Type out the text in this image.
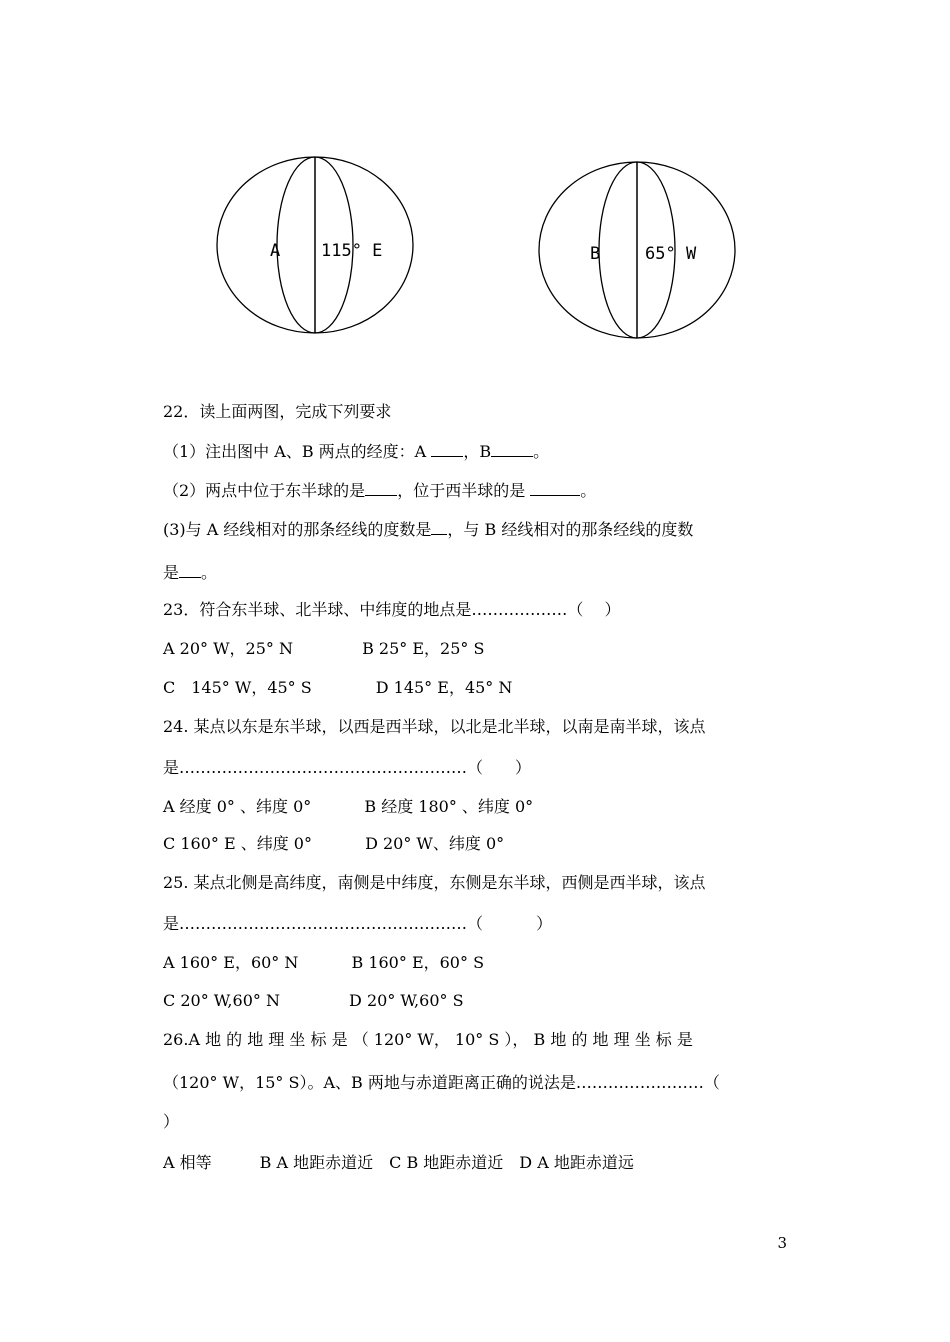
A 115° E	B	65° W
22．读上面两图，完成下列要求
（1）注出图中 A、B 两点的经度：A ，B	。
（2）两点中位于东半球的是 ，位于西半球的是	。
(3)与 A 经线相对的那条经线的度数是 ，与 B 经线相对的那条经线的度数
是 。
23．符合东半球、北半球、中纬度的地点是………………（　 ）
A 20° W，25° N　　　　 B 25° E，25° S
C　145° W，45° S　　　　D 145° E，45° N
24. 某点以东是东半球，以西是西半球，以北是北半球，以南是南半球，该点
是………………………………………………（　　）
A 经度 0° 、纬度 0°　　　 B 经度 180° 、纬度 0°
C 160° E 、纬度 0°　　　 D 20° W、纬度 0°
25. 某点北侧是高纬度，南侧是中纬度，东侧是东半球，西侧是西半球，该点
是………………………………………………（　　　 ）
A 160° E，60° N　　　 B 160° E，60° S
C 20° W,60° N　　　　 D 20° W,60° S
26.A 地 的 地 理 坐 标 是 （ 120° W， 10° S ）， B 地 的 地 理 坐 标 是
（120° W，15° S）。A、B 两地与赤道距离正确的说法是……………………（
）
A 相等　　　B A 地距赤道近　C B 地距赤道近　D A 地距赤道远
3
